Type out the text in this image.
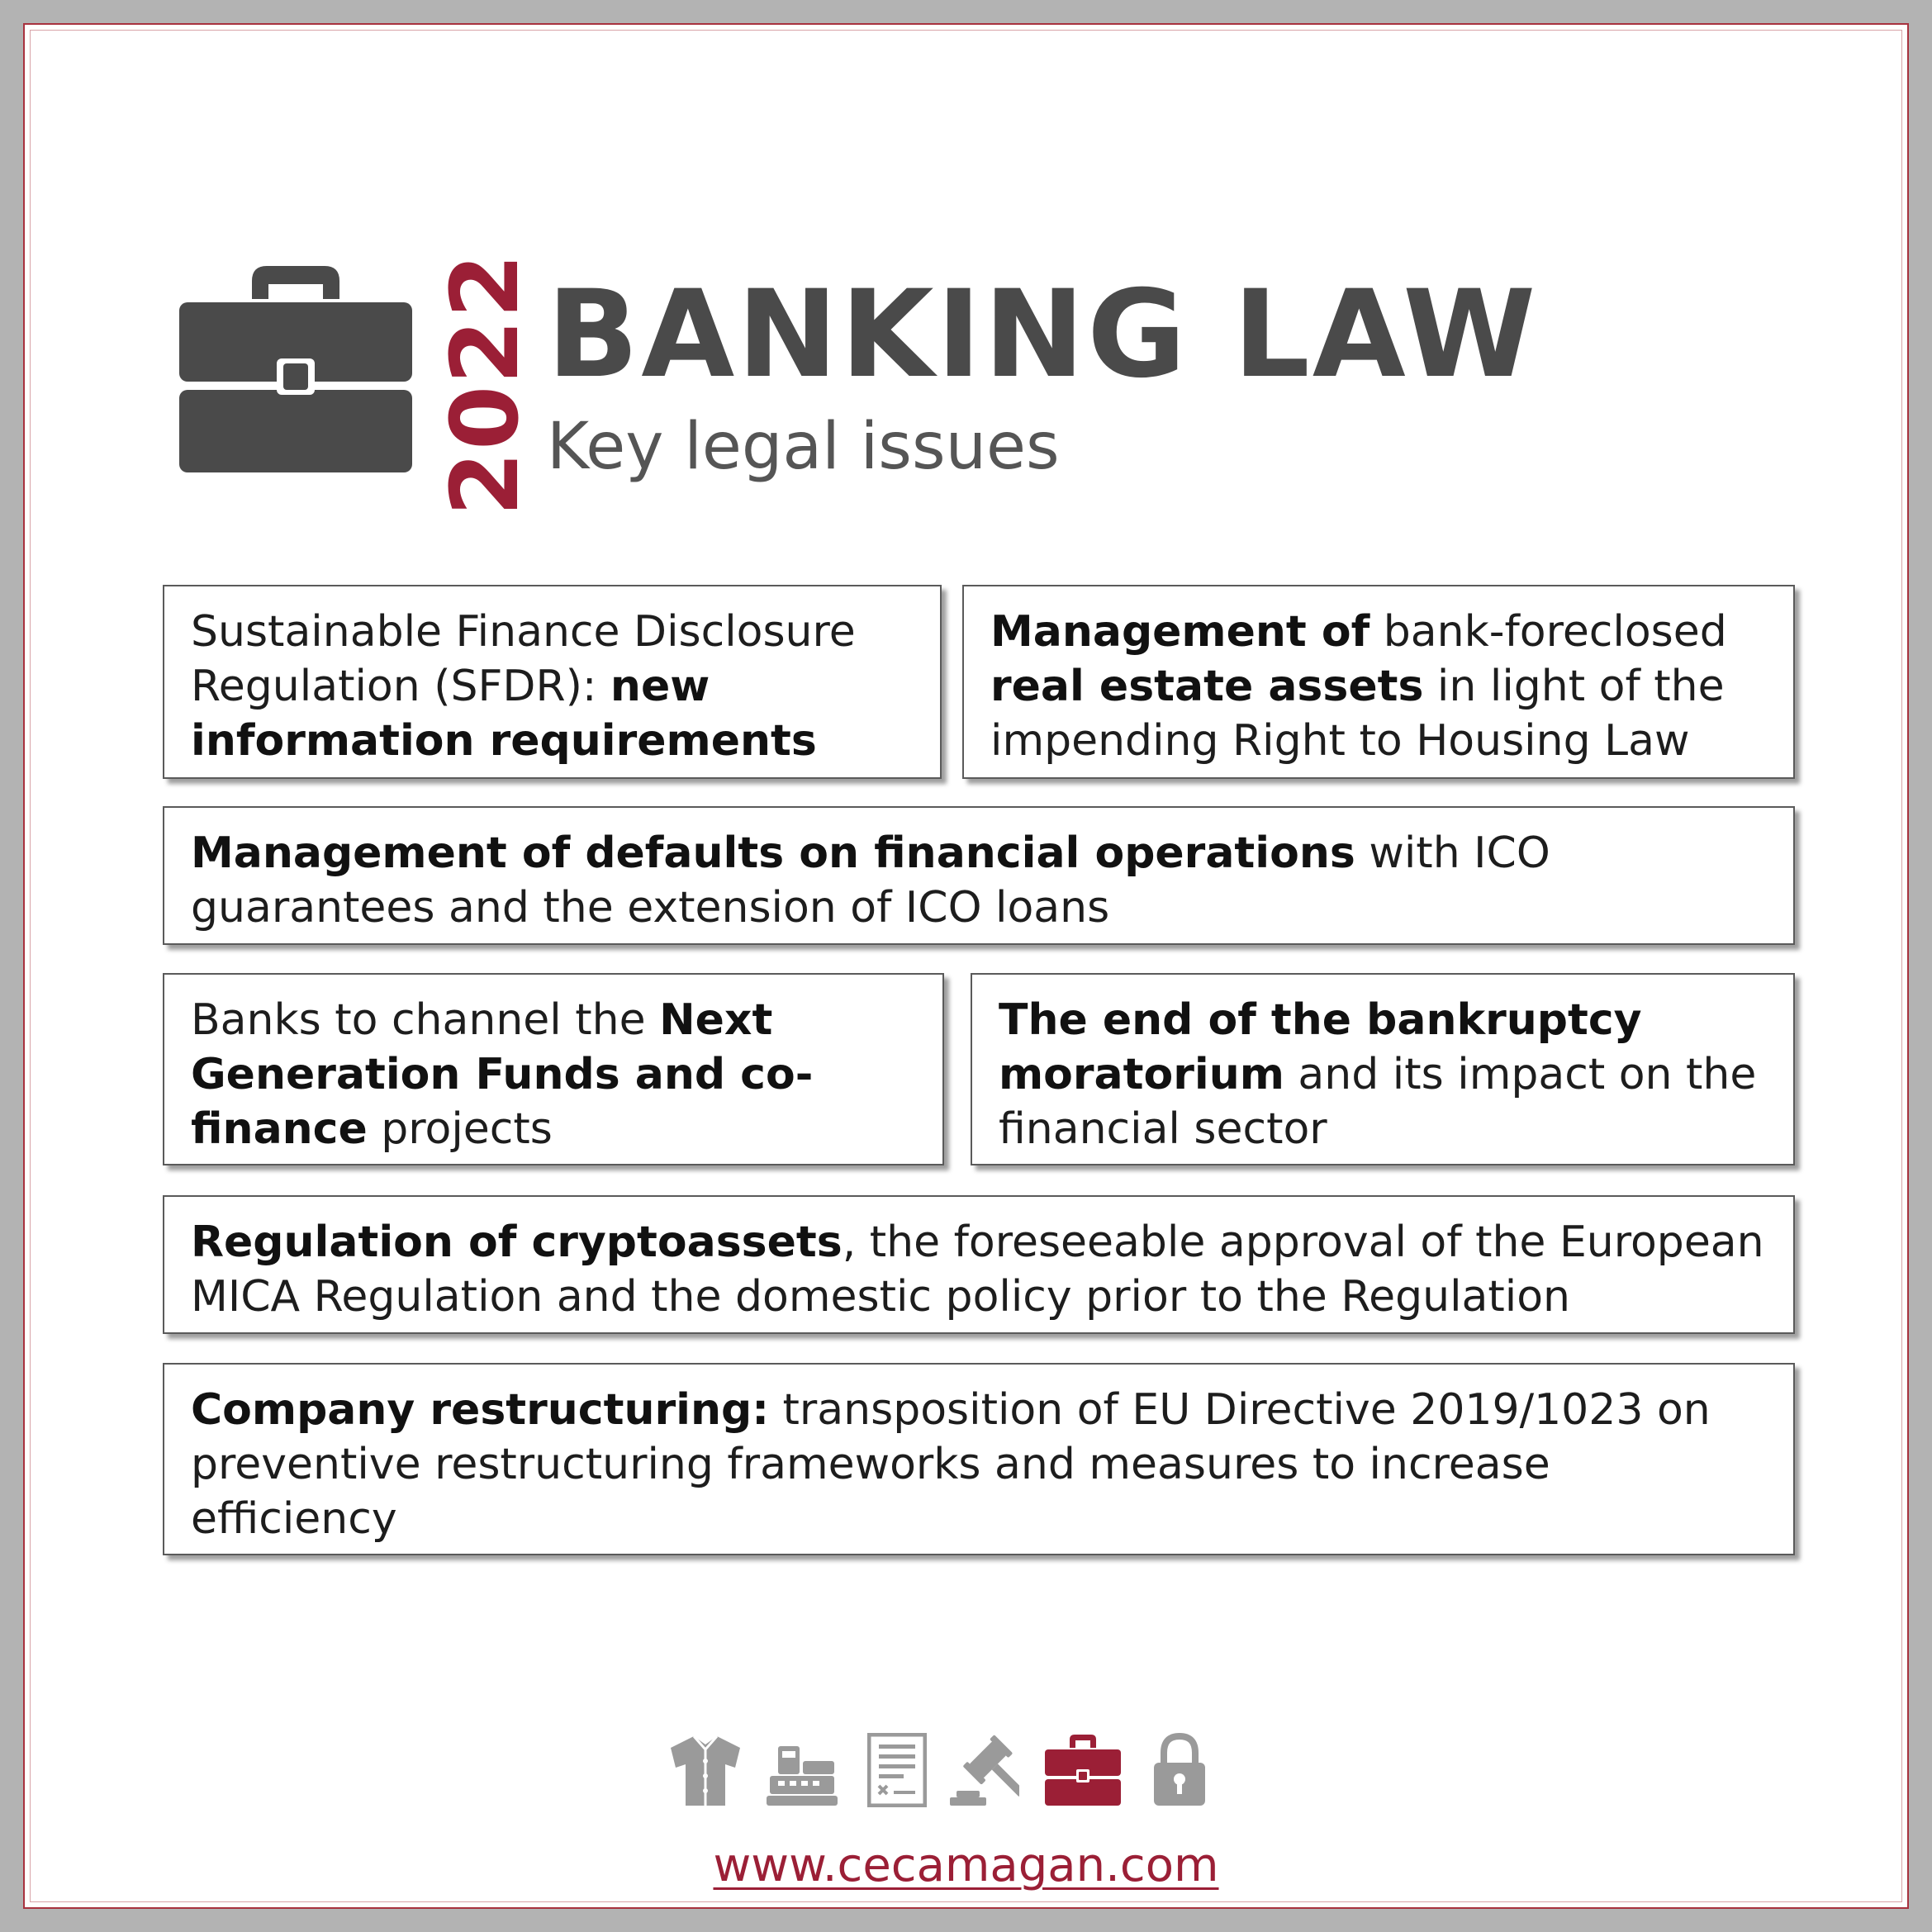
2022 BANKING LAW
Key legal issues
Sustainable Finance Disclosure Regulation (SFDR): new information requirements
Management of bank-foreclosed real estate assets in light of the impending Right to Housing Law
Management of defaults on financial operations with ICO guarantees and the extension of ICO loans
Banks to channel the Next Generation Funds and co-finance projects
The end of the bankruptcy moratorium and its impact on the financial sector
Regulation of cryptoassets, the foreseeable approval of the European MICA Regulation and the domestic policy prior to the Regulation
Company restructuring: transposition of EU Directive 2019/1023 on preventive restructuring frameworks and measures to increase efficiency
www.cecamagan.com
